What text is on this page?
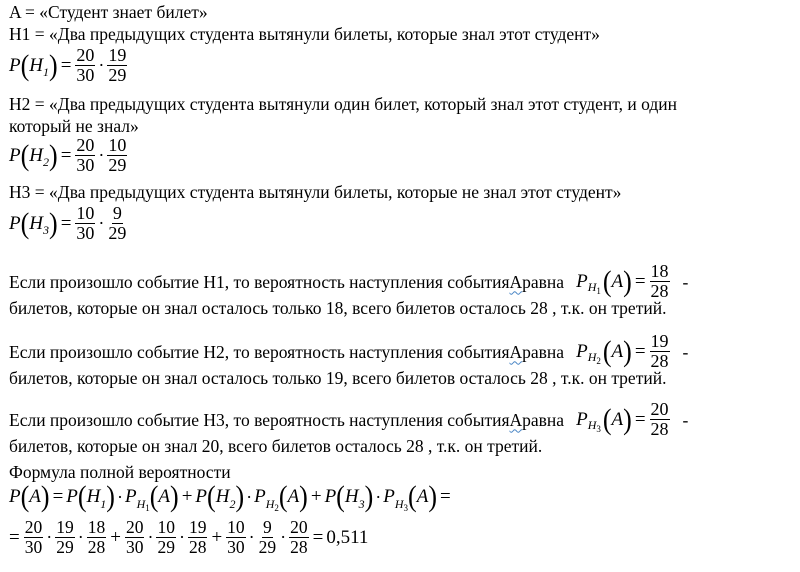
A = «Студент знает билет»
Н1 = «Два предыдущих студента вытянули билеты, которые знал этот студент»
P ( H 1 ) = $\frac{20}{30} \cdot \frac{19}{29}$
Н2 = «Два предыдущих студента вытянули один билет, который знал этот студент, и один
который не знал»
P ( H 2 ) = $\frac{20}{30} \cdot \frac{10}{29}$
Н3 = «Два предыдущих студента вытянули билеты, которые не знал этот студент»
P ( H 3 ) = $\frac{10}{30} \cdot \frac{9}{29}$
Если произошло событие Н1, то вероятность наступления события А равна P $H_1$ ( A ) = $\frac{18}{28}$ -
билетов, которые он знал осталось только 18, всего билетов осталось 28 , т.к. он третий.
Если произошло событие Н2, то вероятность наступления события А равна P $H_2$ ( A ) = $\frac{19}{28}$ -
билетов, которые он знал осталось только 19, всего билетов осталось 28 , т.к. он третий.
Если произошло событие Н3, то вероятность наступления события А равна P $H_3$ ( A ) = $\frac{20}{28}$ -
билетов, которые он знал 20, всего билетов осталось 28 , т.к. он третий.
Формула полной вероятности
P ( A ) = P ( H 1 ) · P $H_1$ ( A ) + P ( H 2 ) · P $H_2$ ( A ) + P ( H 3 ) · P $H_3$ ( A ) =
= $\frac{20}{30} \cdot \frac{19}{29} \cdot \frac{18}{28} + \frac{20}{30} \cdot \frac{10}{29} \cdot \frac{19}{28} + \frac{10}{30} \cdot \frac{9}{29} \cdot \frac{20}{28} = 0,511$
